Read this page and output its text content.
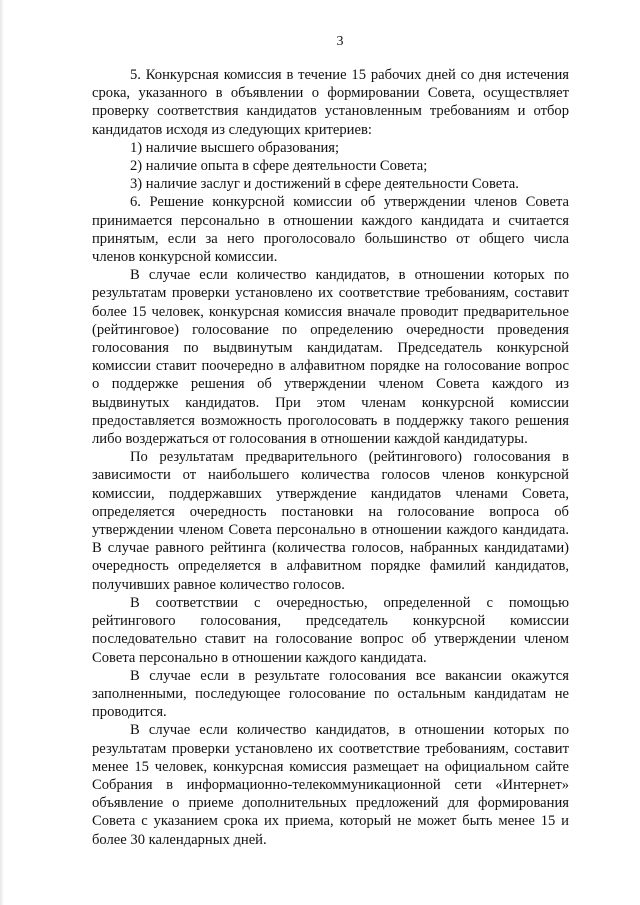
3

5. Конкурсная комиссия в течение 15 рабочих дней со дня истечения срока, указанного в объявлении о формировании Совета, осуществляет проверку соответствия кандидатов установленным требованиям и отбор кандидатов исходя из следующих критериев:

1) наличие высшего образования;

2) наличие опыта в сфере деятельности Совета;

3) наличие заслуг и достижений в сфере деятельности Совета.

6. Решение конкурсной комиссии об утверждении членов Совета принимается персонально в отношении каждого кандидата и считается принятым, если за него проголосовало большинство от общего числа членов конкурсной комиссии.

В случае если количество кандидатов, в отношении которых по результатам проверки установлено их соответствие требованиям, составит более 15 человек, конкурсная комиссия вначале проводит предварительное (рейтинговое) голосование по определению очередности проведения голосования по выдвинутым кандидатам. Председатель конкурсной комиссии ставит поочередно в алфавитном порядке на голосование вопрос о поддержке решения об утверждении членом Совета каждого из выдвинутых кандидатов. При этом членам конкурсной комиссии предоставляется возможность проголосовать в поддержку такого решения либо воздержаться от голосования в отношении каждой кандидатуры.

По результатам предварительного (рейтингового) голосования в зависимости от наибольшего количества голосов членов конкурсной комиссии, поддержавших утверждение кандидатов членами Совета, определяется очередность постановки на голосование вопроса об утверждении членом Совета персонально в отношении каждого кандидата. В случае равного рейтинга (количества голосов, набранных кандидатами) очередность определяется в алфавитном порядке фамилий кандидатов, получивших равное количество голосов.

В соответствии с очередностью, определенной с помощью рейтингового голосования, председатель конкурсной комиссии последовательно ставит на голосование вопрос об утверждении членом Совета персонально в отношении каждого кандидата.

В случае если в результате голосования все вакансии окажутся заполненными, последующее голосование по остальным кандидатам не проводится.

В случае если количество кандидатов, в отношении которых по результатам проверки установлено их соответствие требованиям, составит менее 15 человек, конкурсная комиссия размещает на официальном сайте Собрания в информационно-телекоммуникационной сети «Интернет» объявление о приеме дополнительных предложений для формирования Совета с указанием срока их приема, который не может быть менее 15 и более 30 календарных дней.
